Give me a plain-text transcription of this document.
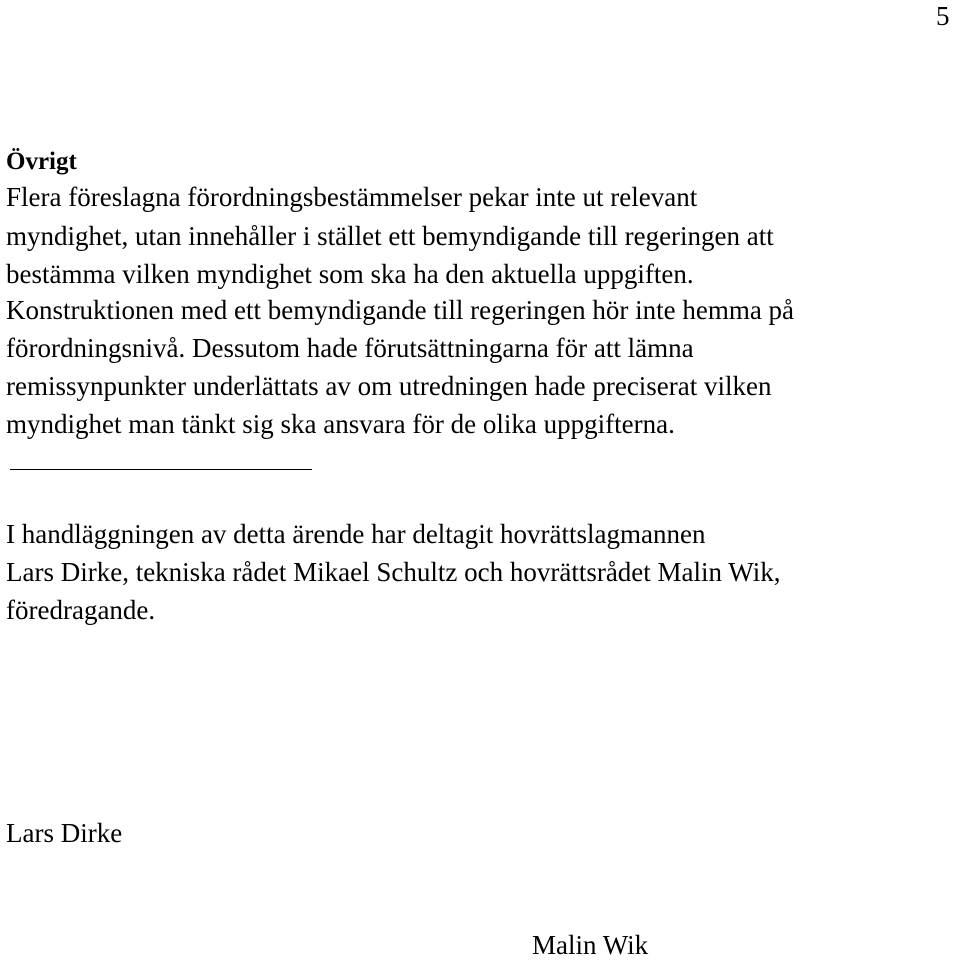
5
Övrigt
Flera föreslagna förordningsbestämmelser pekar inte ut relevant
myndighet, utan innehåller i stället ett bemyndigande till regeringen att
bestämma vilken myndighet som ska ha den aktuella uppgiften.
Konstruktionen med ett bemyndigande till regeringen hör inte hemma på
förordningsnivå. Dessutom hade förutsättningarna för att lämna
remissynpunkter underlättats av om utredningen hade preciserat vilken
myndighet man tänkt sig ska ansvara för de olika uppgifterna.
I handläggningen av detta ärende har deltagit hovrättslagmannen
Lars Dirke, tekniska rådet Mikael Schultz och hovrättsrådet Malin Wik,
föredragande.
Lars Dirke
Malin Wik
